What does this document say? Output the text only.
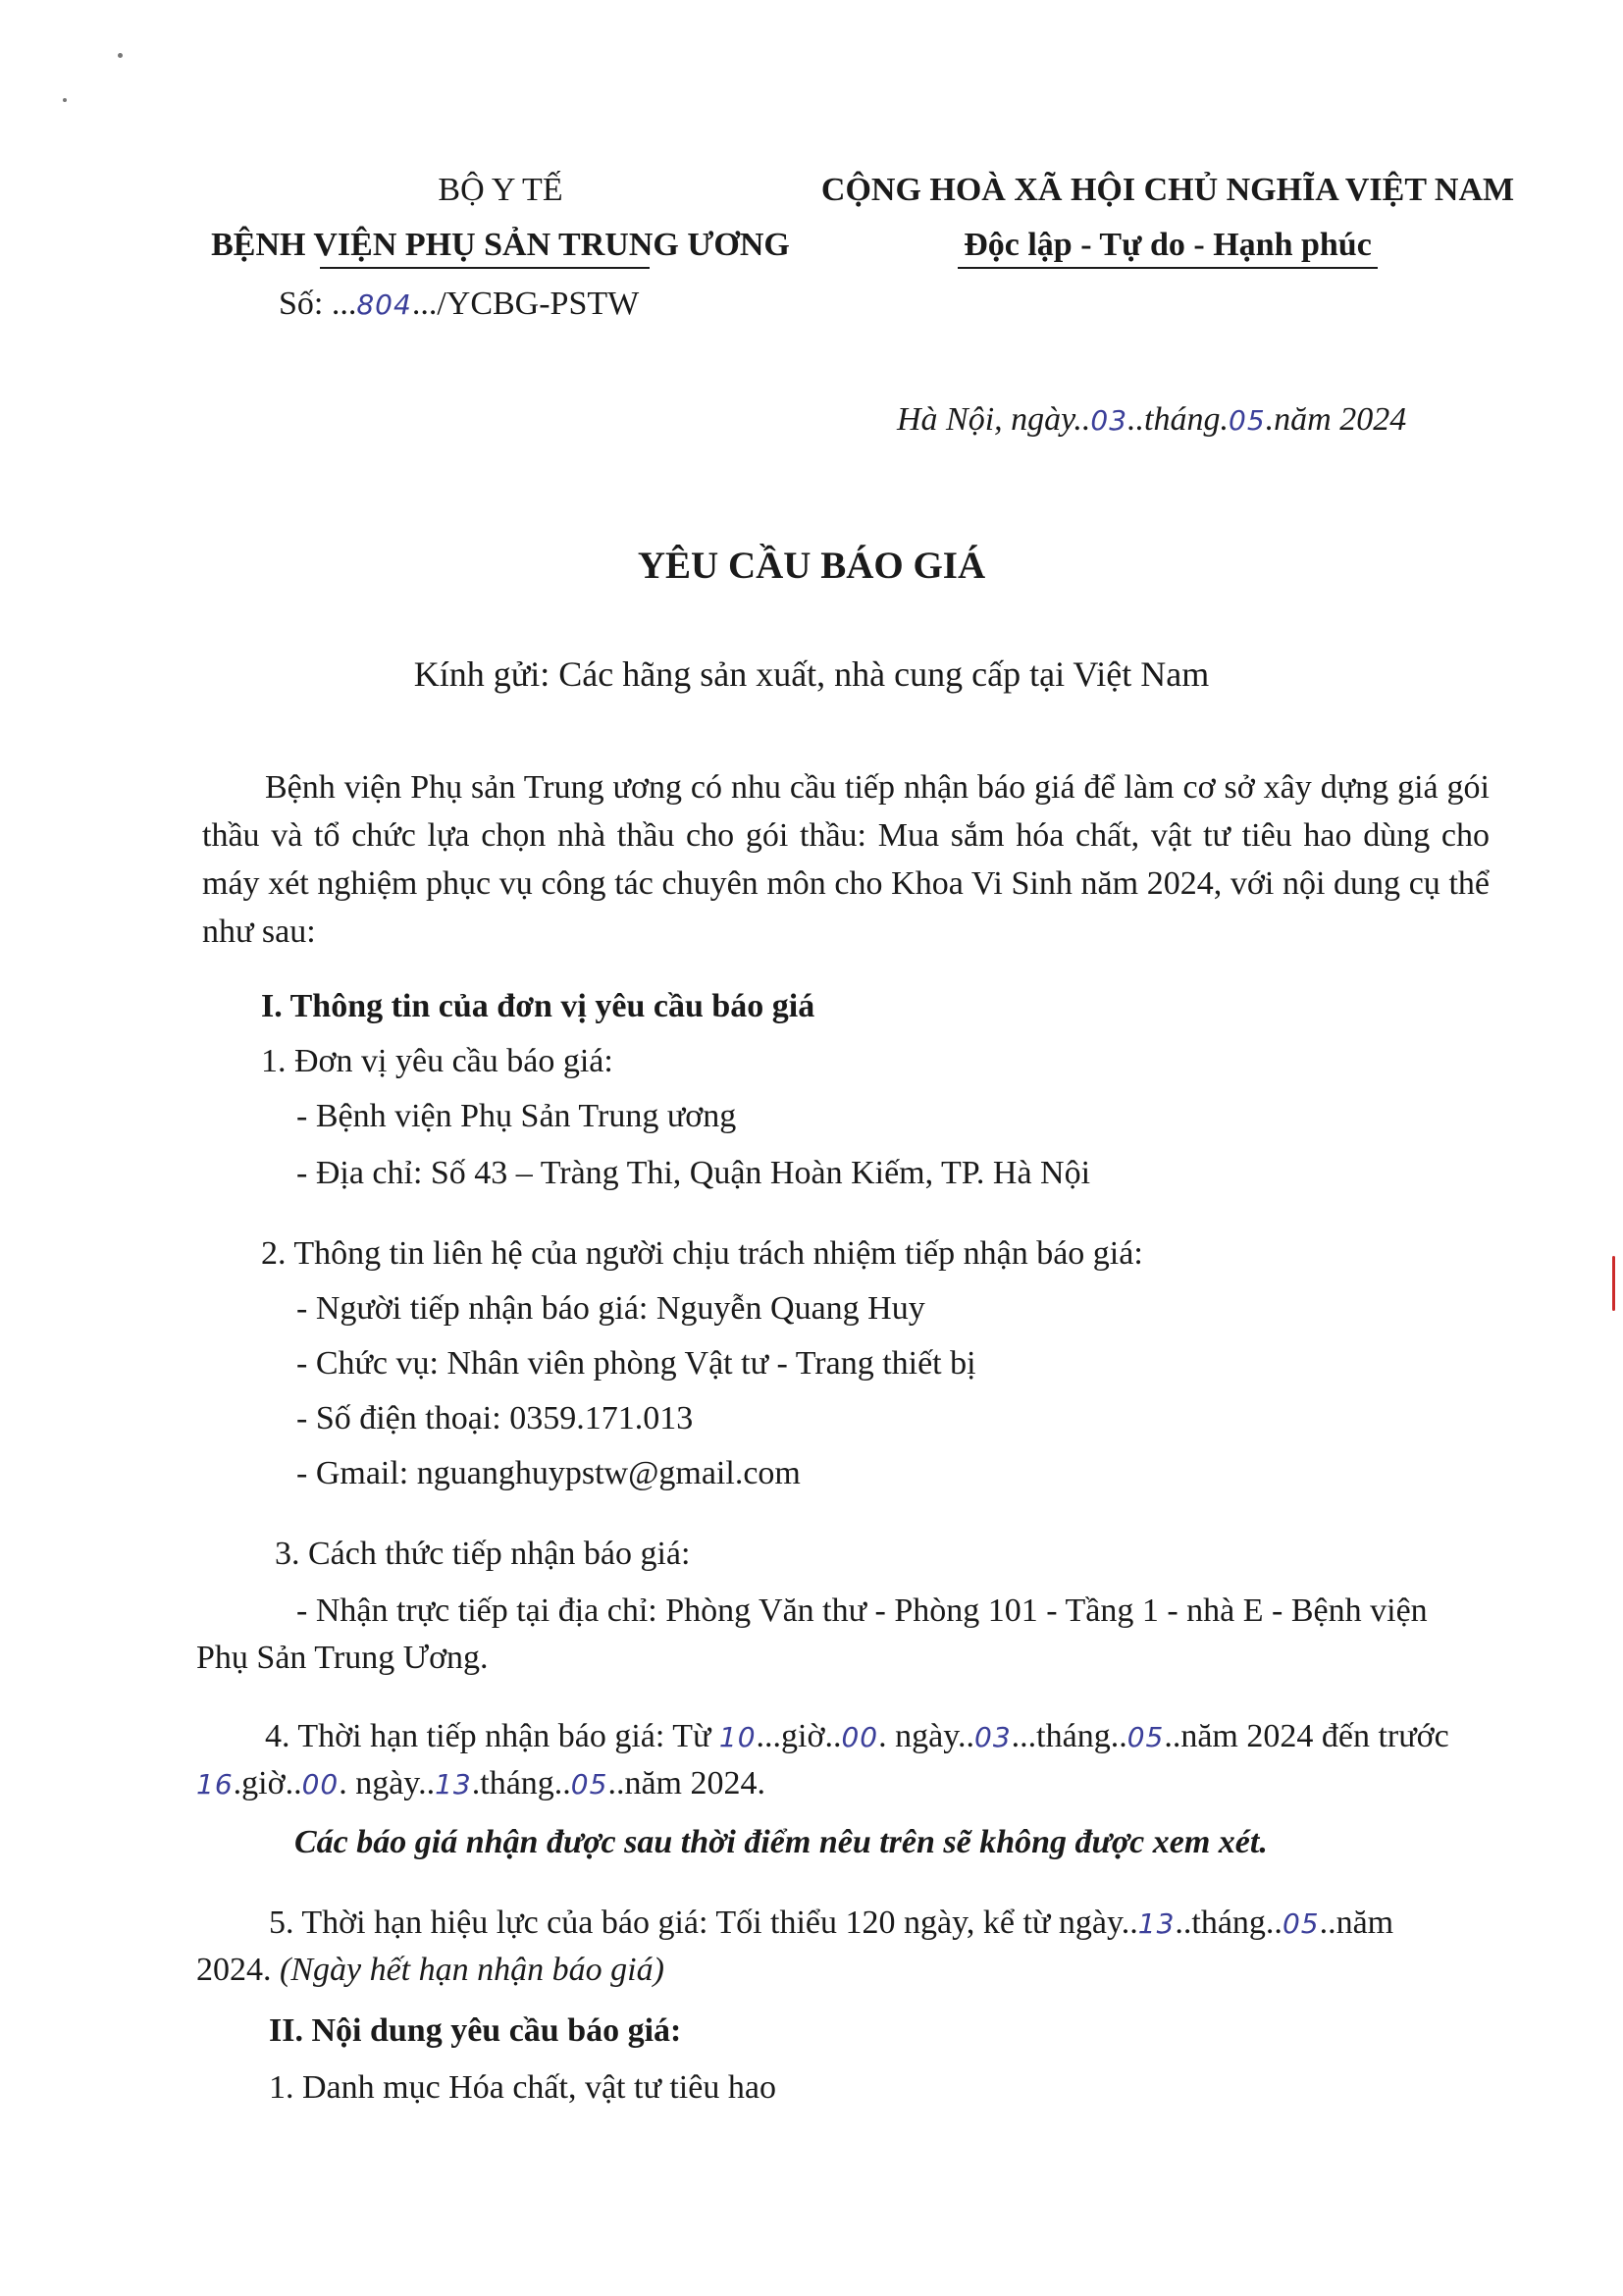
BỘ Y TẾ
BỆNH VIỆN PHỤ SẢN TRUNG ƯƠNG
Số: ...804.../YCBG-PSTW
CỘNG HOÀ XÃ HỘI CHỦ NGHĨA VIỆT NAM
Độc lập - Tự do - Hạnh phúc
Hà Nội, ngày..03..tháng.05.năm 2024
YÊU CẦU BÁO GIÁ
Kính gửi: Các hãng sản xuất, nhà cung cấp tại Việt Nam
Bệnh viện Phụ sản Trung ương có nhu cầu tiếp nhận báo giá để làm cơ sở xây dựng giá gói thầu và tổ chức lựa chọn nhà thầu cho gói thầu: Mua sắm hóa chất, vật tư tiêu hao dùng cho máy xét nghiệm phục vụ công tác chuyên môn cho Khoa Vi Sinh năm 2024, với nội dung cụ thể như sau:
I. Thông tin của đơn vị yêu cầu báo giá
1. Đơn vị yêu cầu báo giá:
- Bệnh viện Phụ Sản Trung ương
- Địa chỉ: Số 43 – Tràng Thi, Quận Hoàn Kiếm, TP. Hà Nội
2. Thông tin liên hệ của người chịu trách nhiệm tiếp nhận báo giá:
- Người tiếp nhận báo giá: Nguyễn Quang Huy
- Chức vụ: Nhân viên phòng Vật tư - Trang thiết bị
- Số điện thoại: 0359.171.013
- Gmail: nguanghuypstw@gmail.com
3. Cách thức tiếp nhận báo giá:
- Nhận trực tiếp tại địa chỉ: Phòng Văn thư - Phòng 101 - Tầng 1 - nhà E - Bệnh viện
Phụ Sản Trung Ương.
4. Thời hạn tiếp nhận báo giá: Từ 10...giờ..00. ngày..03...tháng..05..năm 2024 đến trước
16.giờ..00. ngày..13.tháng..05..năm 2024.
Các báo giá nhận được sau thời điểm nêu trên sẽ không được xem xét.
5. Thời hạn hiệu lực của báo giá: Tối thiểu 120 ngày, kể từ ngày..13..tháng..05..năm
2024. (Ngày hết hạn nhận báo giá)
II. Nội dung yêu cầu báo giá:
1. Danh mục Hóa chất, vật tư tiêu hao
